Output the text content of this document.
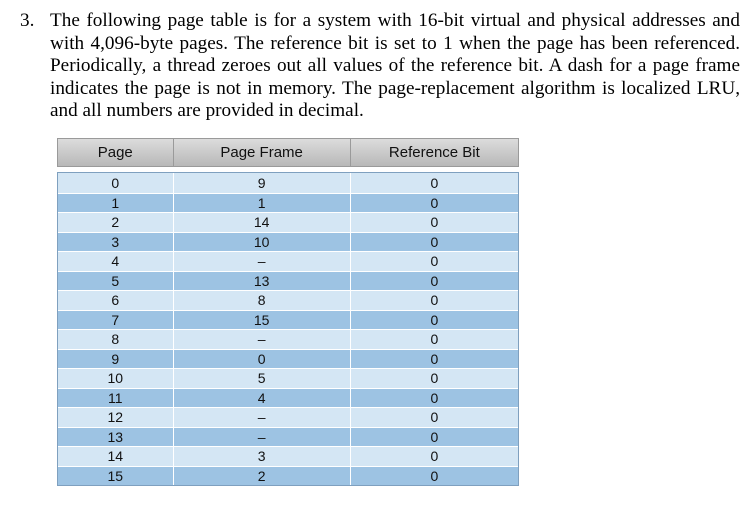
3. The following page table is for a system with 16-bit virtual and physical addresses and with 4,096-byte pages. The reference bit is set to 1 when the page has been referenced. Periodically, a thread zeroes out all values of the reference bit. A dash for a page frame indicates the page is not in memory. The page-replacement algorithm is localized LRU, and all numbers are provided in decimal.
Page	Page Frame	Reference Bit
0	9	0
1	1	0
2	14	0
3	10	0
4	–	0
5	13	0
6	8	0
7	15	0
8	–	0
9	0	0
10	5	0
11	4	0
12	–	0
13	–	0
14	3	0
15	2	0
